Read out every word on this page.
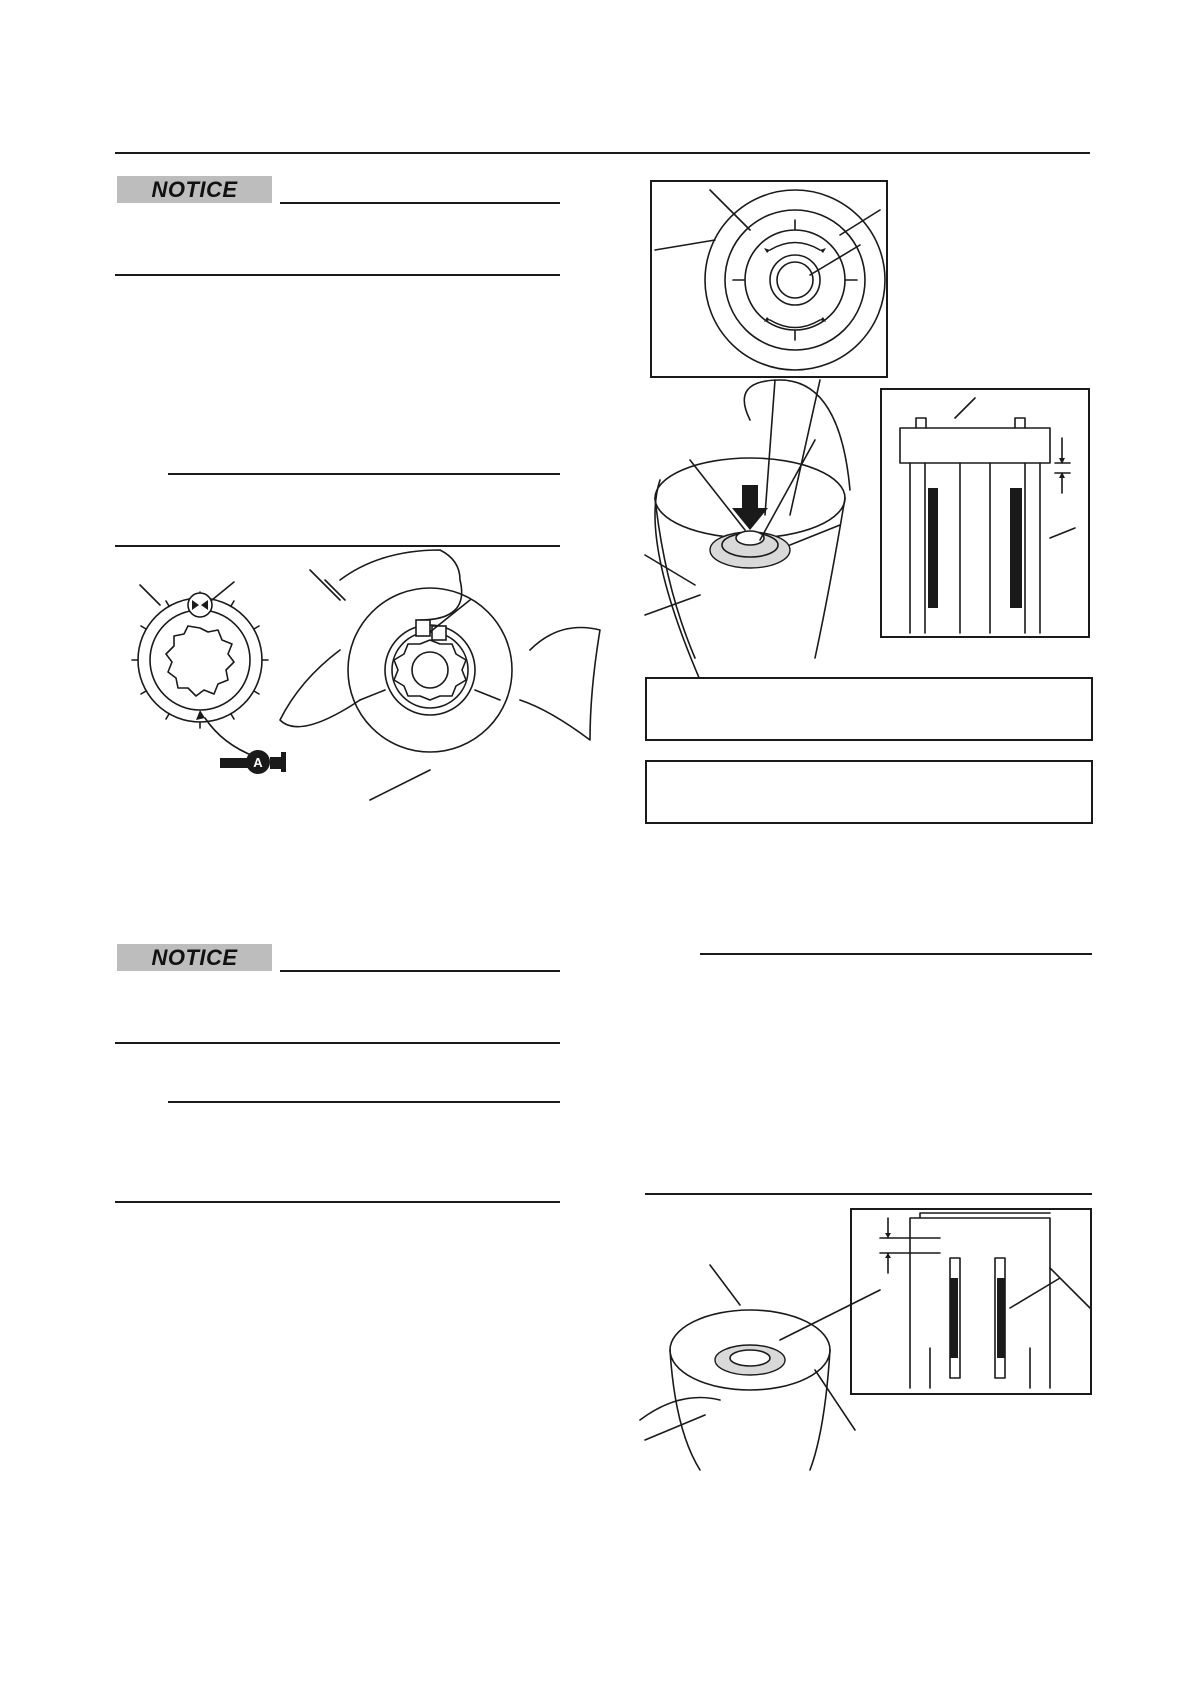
NOTICE
A
NOTICE
